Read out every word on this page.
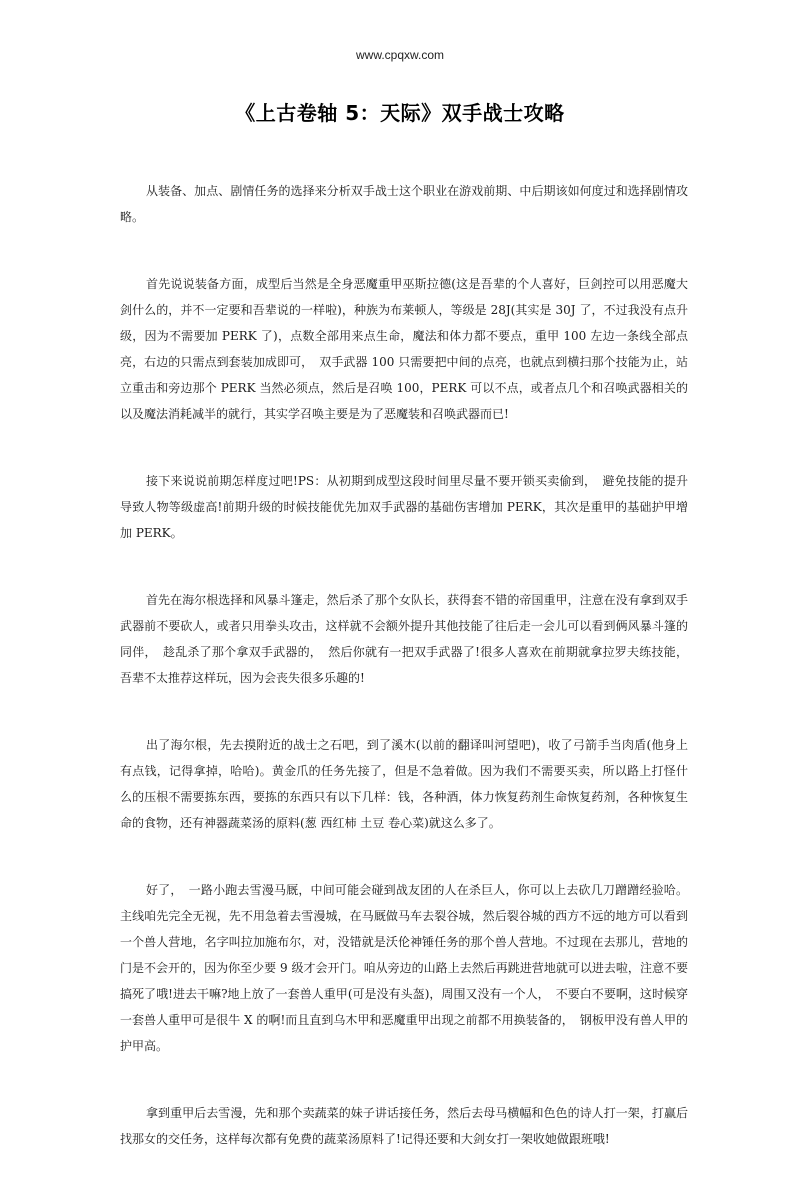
www.cpqxw.com
《上古卷轴 5：天际》双手战士攻略

从装备、加点、剧情任务的选择来分析双手战士这个职业在游戏前期、中后期该如何度过和选择剧情攻略。

首先说说装备方面，成型后当然是全身恶魔重甲巫斯拉德(这是吾辈的个人喜好，巨剑控可以用恶魔大剑什么的，并不一定要和吾辈说的一样啦)，种族为布莱顿人，等级是 28J(其实是 30J 了，不过我没有点升级，因为不需要加 PERK 了)，点数全部用来点生命，魔法和体力都不要点，重甲 100 左边一条线全部点亮，右边的只需点到套装加成即可，　双手武器 100 只需要把中间的点亮，也就点到横扫那个技能为止，站立重击和旁边那个 PERK 当然必须点，然后是召唤 100，PERK 可以不点，或者点几个和召唤武器相关的以及魔法消耗减半的就行，其实学召唤主要是为了恶魔装和召唤武器而已!

接下来说说前期怎样度过吧!PS：从初期到成型这段时间里尽量不要开锁买卖偷到，　避免技能的提升导致人物等级虚高!前期升级的时候技能优先加双手武器的基础伤害增加 PERK，其次是重甲的基础护甲增加 PERK。

首先在海尔根选择和风暴斗篷走，然后杀了那个女队长，获得套不错的帝国重甲，注意在没有拿到双手武器前不要砍人，或者只用拳头攻击，这样就不会额外提升其他技能了往后走一会儿可以看到俩风暴斗篷的同伴，　趁乱杀了那个拿双手武器的，　然后你就有一把双手武器了!很多人喜欢在前期就拿拉罗夫练技能，吾辈不太推荐这样玩，因为会丧失很多乐趣的!

出了海尔根，先去摸附近的战士之石吧，到了溪木(以前的翻译叫河望吧)，收了弓箭手当肉盾(他身上有点钱，记得拿掉，哈哈)。黄金爪的任务先接了，但是不急着做。因为我们不需要买卖，所以路上打怪什么的压根不需要拣东西，要拣的东西只有以下几样：钱，各种酒，体力恢复药剂生命恢复药剂，各种恢复生命的食物，还有神器蔬菜汤的原料(葱 西红柿 土豆 卷心菜)就这么多了。

好了，　一路小跑去雪漫马厩，中间可能会碰到战友团的人在杀巨人，你可以上去砍几刀蹭蹭经验哈。主线咱先完全无视，先不用急着去雪漫城，在马厩做马车去裂谷城，然后裂谷城的西方不远的地方可以看到一个兽人营地，名字叫拉加施布尔，对，没错就是沃伦神锤任务的那个兽人营地。不过现在去那儿，营地的门是不会开的，因为你至少要 9 级才会开门。咱从旁边的山路上去然后再跳进营地就可以进去啦，注意不要搞死了哦!进去干嘛?地上放了一套兽人重甲(可是没有头盔)，周围又没有一个人，　不要白不要啊，这时候穿一套兽人重甲可是很牛 X 的啊!而且直到乌木甲和恶魔重甲出现之前都不用换装备的，　钢板甲没有兽人甲的护甲高。

拿到重甲后去雪漫，先和那个卖蔬菜的妹子讲话接任务，然后去母马横幅和色色的诗人打一架，打赢后找那女的交任务，这样每次都有免费的蔬菜汤原料了!记得还要和大剑女打一架收她做跟班哦!
